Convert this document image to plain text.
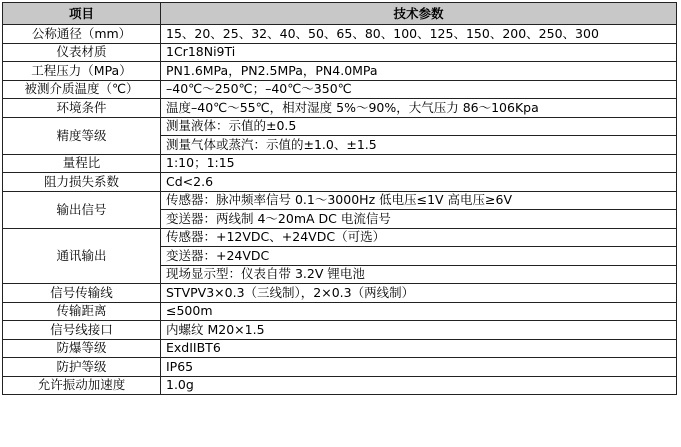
项目	技术参数
公称通径（mm）	15、20、25、32、40、50、65、80、100、125、150、200、250、300
仪表材质	1Cr18Ni9Ti
工程压力（MPa）	PN1.6MPa，PN2.5MPa，PN4.0MPa
被测介质温度（℃）	–40℃～250℃；–40℃～350℃
环境条件	温度–40℃～55℃，相对湿度 5%～90%，大气压力 86～106Kpa
精度等级	测量液体：示值的±0.5
	测量气体或蒸汽：示值的±1.0、±1.5
量程比	1:10；1:15
阻力损失系数	Cd<2.6
输出信号	传感器：脉冲频率信号 0.1～3000Hz 低电压≤1V 高电压≥6V
	变送器：两线制 4～20mA DC 电流信号
通讯输出	传感器：+12VDC、+24VDC（可选）
	变送器：+24VDC
	现场显示型：仪表自带 3.2V 锂电池
信号传输线	STVPV3×0.3（三线制），2×0.3（两线制）
传输距离	≤500m
信号线接口	内螺纹 M20×1.5
防爆等级	ExdIIBT6
防护等级	IP65
允许振动加速度	1.0g
